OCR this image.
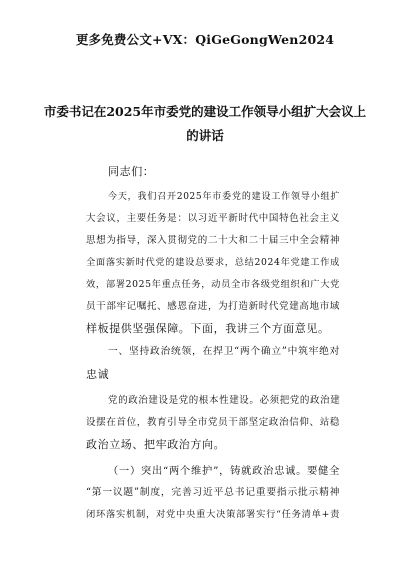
更多免费公文+VX：QiGeGongWen2024
市委书记在2025年市委党的建设工作领导小组扩大会议上
的讲话
同志们：
今天，我们召开2025年市委党的建设工作领导小组扩
大会议，主要任务是：以习近平新时代中国特色社会主义
思想为指导，深入贯彻党的二十大和二十届三中全会精神
全面落实新时代党的建设总要求，总结2024年党建工作成
效，部署2025年重点任务，动员全市各级党组织和广大党
员干部牢记嘱托、感恩奋进，为打造新时代党建高地市域
样板提供坚强保障。下面，我讲三个方面意见。
一、坚持政治统领，在捍卫“两个确立”中筑牢绝对
忠诚
党的政治建设是党的根本性建设。必须把党的政治建
设摆在首位，教育引导全市党员干部坚定政治信仰、站稳
政治立场、把牢政治方向。
（一）突出“两个维护”，铸就政治忠诚。要健全
“第一议题”制度，完善习近平总书记重要指示批示精神
闭环落实机制，对党中央重大决策部署实行“任务清单+责
